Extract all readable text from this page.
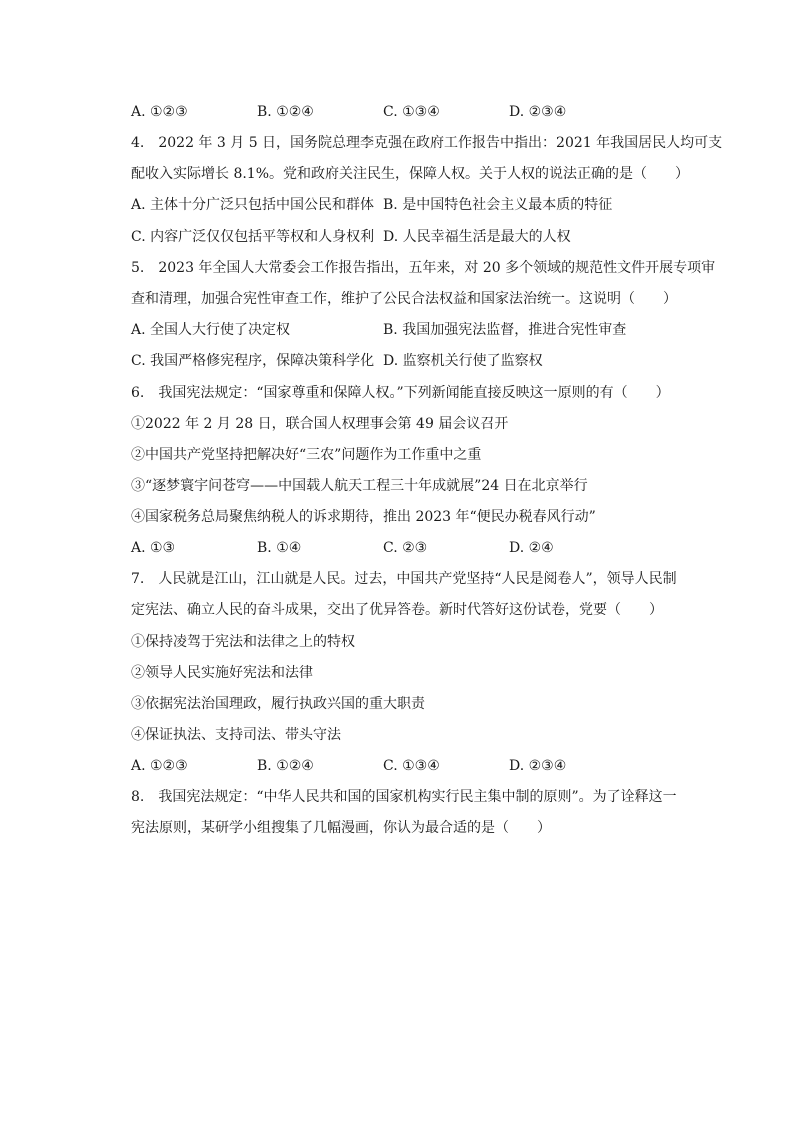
A. ①②③	B. ①②④	C. ①③④	D. ②③④
4.　2022 年 3 月 5 日，国务院总理李克强在政府工作报告中指出：2021 年我国居民人均可支
配收入实际增长 8.1%。党和政府关注民生，保障人权。关于人权的说法正确的是（　　）
A. 主体十分广泛只包括中国公民和群体 B. 是中国特色社会主义最本质的特征
C. 内容广泛仅仅包括平等权和人身权利 D. 人民幸福生活是最大的人权
5.　2023 年全国人大常委会工作报告指出，五年来，对 20 多个领域的规范性文件开展专项审
查和清理，加强合宪性审查工作，维护了公民合法权益和国家法治统一。这说明（　　）
A. 全国人大行使了决定权	B. 我国加强宪法监督，推进合宪性审查
C. 我国严格修宪程序，保障决策科学化 D. 监察机关行使了监察权
6.　我国宪法规定：“国家尊重和保障人权。”下列新闻能直接反映这一原则的有（　　）
①2022 年 2 月 28 日，联合国人权理事会第 49 届会议召开
②中国共产党坚持把解决好“三农”问题作为工作重中之重
③“逐梦寰宇问苍穹——中国载人航天工程三十年成就展”24 日在北京举行
④国家税务总局聚焦纳税人的诉求期待，推出 2023 年“便民办税春风行动”
A. ①③	B. ①④	C. ②③	D. ②④
7.　人民就是江山，江山就是人民。过去，中国共产党坚持“人民是阅卷人”，领导人民制
定宪法、确立人民的奋斗成果，交出了优异答卷。新时代答好这份试卷，党要（　　）
①保持凌驾于宪法和法律之上的特权
②领导人民实施好宪法和法律
③依据宪法治国理政，履行执政兴国的重大职责
④保证执法、支持司法、带头守法
A. ①②③	B. ①②④	C. ①③④	D. ②③④
8.　我国宪法规定：“中华人民共和国的国家机构实行民主集中制的原则”。为了诠释这一
宪法原则，某研学小组搜集了几幅漫画，你认为最合适的是（　　）
